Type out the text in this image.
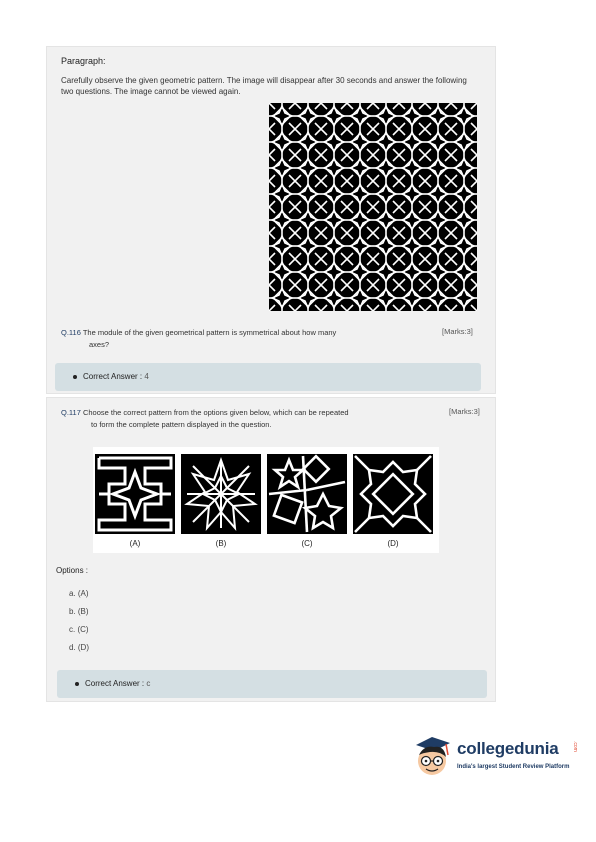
Paragraph:
Carefully observe the given geometric pattern. The image will disappear after 30 seconds and answer the following two questions. The image cannot be viewed again.
Q.116 The module of the given geometrical pattern is symmetrical about how many
axes?
[Marks:3]
Correct Answer : 4
Q.117 Choose the correct pattern from the options given below, which can be repeated
to form the complete pattern displayed in the question.
[Marks:3]
(A)	(B)	(C)	(D)
Options :
a. (A)
b. (B)
c. (C)
d. (D)
Correct Answer : c
collegedunia	.com
India's largest Student Review Platform
